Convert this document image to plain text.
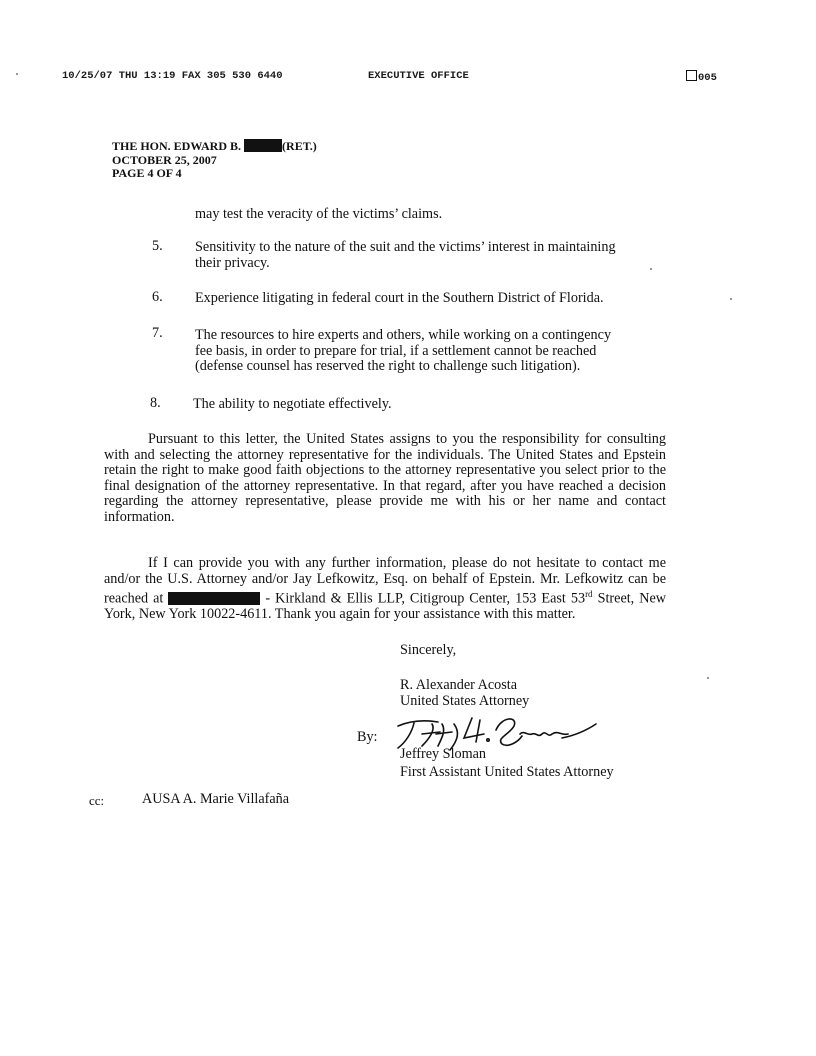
10/25/07 THU 13:19 FAX 305 530 6440	EXECUTIVE OFFICE	005
THE HON. EDWARD B.	(RET.)
OCTOBER 25, 2007
PAGE 4 OF 4
may test the veracity of the victims’ claims.
5. Sensitivity to the nature of the suit and the victims’ interest in maintaining
their privacy.
6. Experience litigating in federal court in the Southern District of Florida.
7. The resources to hire experts and others, while working on a contingency
fee basis, in order to prepare for trial, if a settlement cannot be reached
(defense counsel has reserved the right to challenge such litigation).
8. The ability to negotiate effectively.
Pursuant to this letter, the United States assigns to you the responsibility for consulting with and selecting the attorney representative for the individuals. The United States and Epstein retain the right to make good faith objections to the attorney representative you select prior to the final designation of the attorney representative. In that regard, after you have reached a decision regarding the attorney representative, please provide me with his or her name and contact information.
If I can provide you with any further information, please do not hesitate to contact me and/or the U.S. Attorney and/or Jay Lefkowitz, Esq. on behalf of Epstein. Mr. Lefkowitz can be reached at	- Kirkland & Ellis LLP, Citigroup Center, 153 East 53rd Street, New York, New York 10022-4611. Thank you again for your assistance with this matter.
Sincerely,
R. Alexander Acosta
United States Attorney
By:
Jeffrey Sloman
First Assistant United States Attorney
cc:	AUSA A. Marie Villafaña
